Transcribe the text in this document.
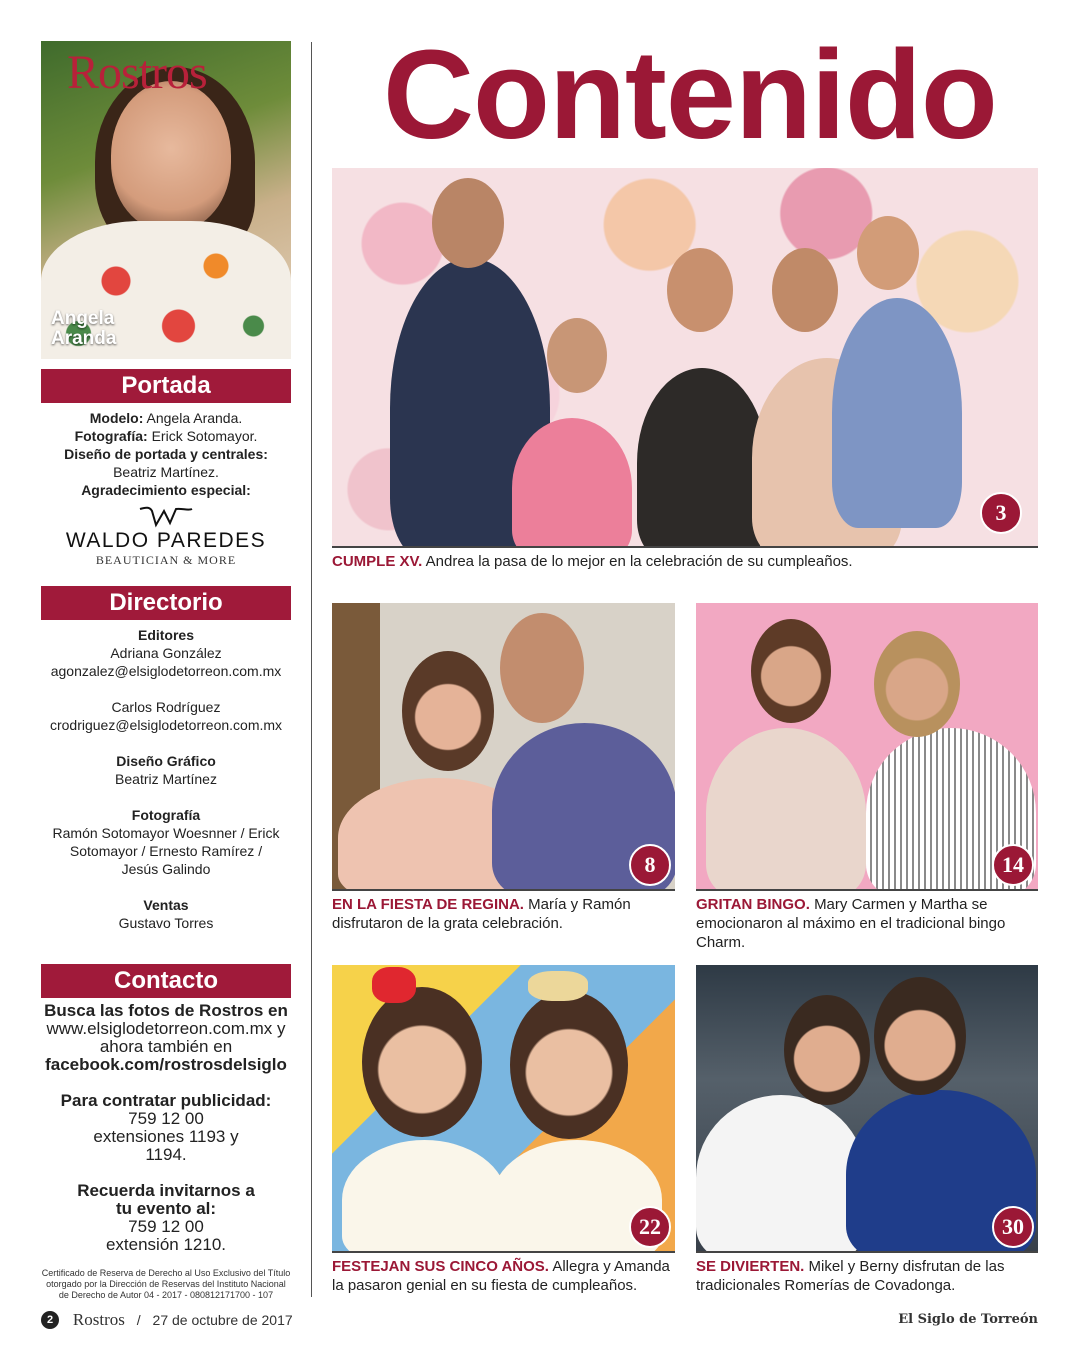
Rostros
Angela
Aranda
Portada
Modelo: Angela Aranda.
Fotografía: Erick Sotomayor.
Diseño de portada y centrales:
Beatriz Martínez.
Agradecimiento especial:
WALDO PAREDES
BEAUTICIAN & MORE
Directorio
Editores
Adriana González
agonzalez@elsiglodetorreon.com.mx
Carlos Rodríguez
crodriguez@elsiglodetorreon.com.mx
Diseño Gráfico
Beatriz Martínez
Fotografía
Ramón Sotomayor Woesnner / Erick Sotomayor / Ernesto Ramírez / Jesús Galindo
Ventas
Gustavo Torres
Contacto
Busca las fotos de Rostros en
www.elsiglodetorreon.com.mx y ahora también en
facebook.com/rostrosdelsiglo
Para contratar publicidad:
759 12 00 extensiones 1193 y 1194.
Recuerda invitarnos a tu evento al:
759 12 00 extensión 1210.
Certificado de Reserva de Derecho al Uso Exclusivo del Título otorgado por la Dirección de Reservas del Instituto Nacional de Derecho de Autor 04 - 2017 - 080812171700 - 107
Contenido
3
CUMPLE XV. Andrea la pasa de lo mejor en la celebración de su cumpleaños.
8
EN LA FIESTA DE REGINA. María y Ramón disfrutaron de la grata celebración.
14
GRITAN BINGO. Mary Carmen y Martha se emocionaron al máximo en el tradicional bingo Charm.
22
FESTEJAN SUS CINCO AÑOS. Allegra y Amanda la pasaron genial en su fiesta de cumpleaños.
30
SE DIVIERTEN. Mikel y Berny disfrutan de las tradicionales Romerías de Covadonga.
2 Rostros / 27 de octubre de 2017	El Siglo de Torreón
